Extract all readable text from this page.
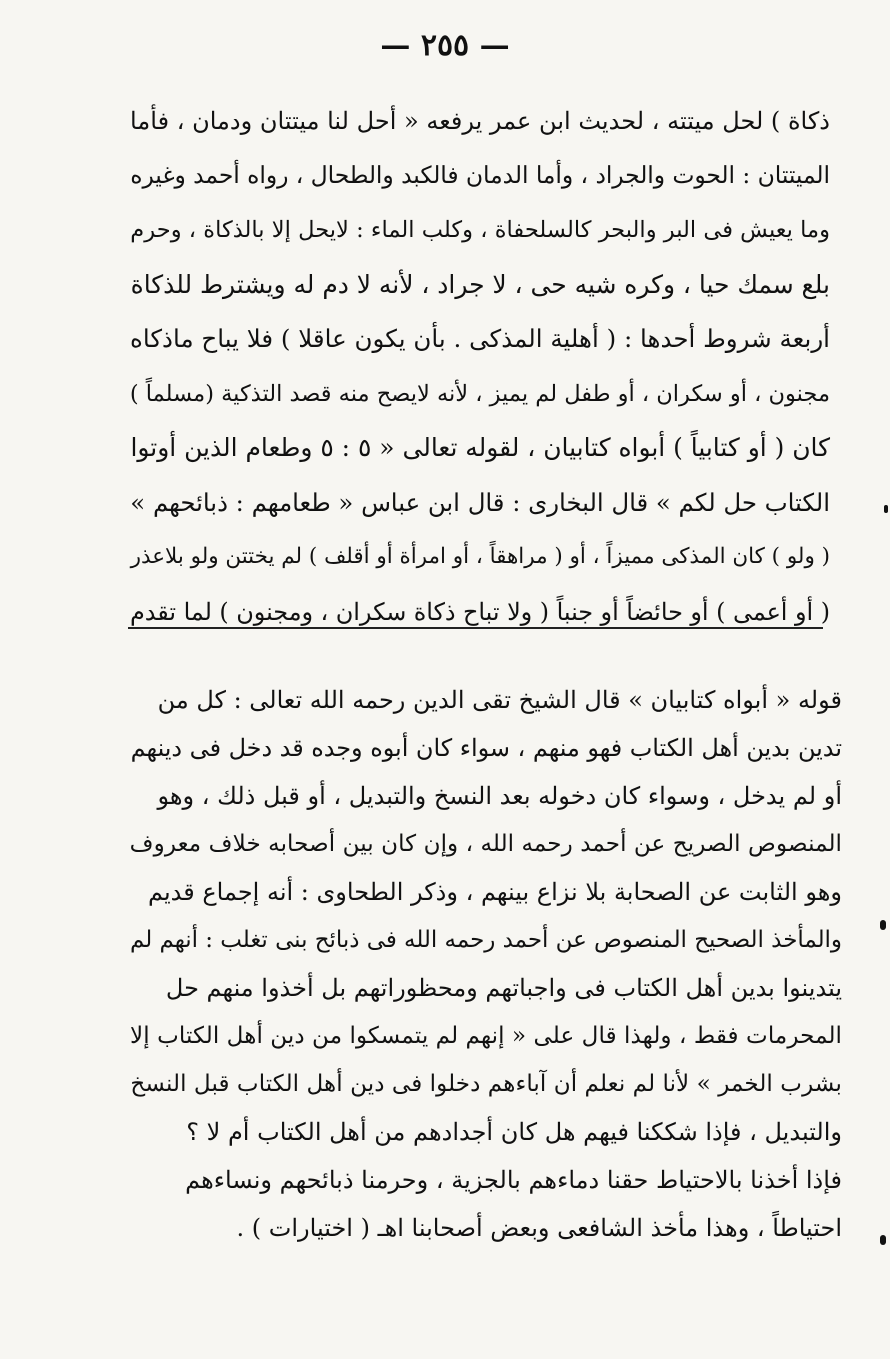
— ٢٥٥ —
ذكاة ) لحل ميتته ، لحديث ابن عمر يرفعه « أحل لنا ميتتان ودمان ، فأما
الميتتان : الحوت والجراد ، وأما الدمان فالكبد والطحال ، رواه أحمد وغيره
وما يعيش فى البر والبحر كالسلحفاة ، وكلب الماء : لايحل إلا بالذكاة ، وحرم
بلع سمك حيا ، وكره شيه حى ، لا جراد ، لأنه لا دم له ويشترط للذكاة
أربعة شروط أحدها : ( أهلية المذكى . بأن يكون عاقلا ) فلا يباح ماذكاه
مجنون ، أو سكران ، أو طفل لم يميز ، لأنه لايصح منه قصد التذكية (مسلماً )
كان ( أو كتابياً ) أبواه كتابيان ، لقوله تعالى « ٥ : ٥ وطعام الذين أوتوا
الكتاب حل لكم » قال البخارى : قال ابن عباس « طعامهم : ذبائحهم »
( ولو ) كان المذكى مميزاً ، أو ( مراهقاً ، أو امرأة أو أقلف ) لم يختتن ولو بلاعذر
( أو أعمى ) أو حائضاً أو جنباً ( ولا تباح ذكاة سكران ، ومجنون ) لما تقدم
قوله « أبواه كتابيان » قال الشيخ تقى الدين رحمه الله تعالى : كل من
تدين بدين أهل الكتاب فهو منهم ، سواء كان أبوه وجده قد دخل فى دينهم
أو لم يدخل ، وسواء كان دخوله بعد النسخ والتبديل ، أو قبل ذلك ، وهو
المنصوص الصريح عن أحمد رحمه الله ، وإن كان بين أصحابه خلاف معروف
وهو الثابت عن الصحابة بلا نزاع بينهم ، وذكر الطحاوى : أنه إجماع قديم
والمأخذ الصحيح المنصوص عن أحمد رحمه الله فى ذبائح بنى تغلب : أنهم لم
يتدينوا بدين أهل الكتاب فى واجباتهم ومحظوراتهم بل أخذوا منهم حل
المحرمات فقط ، ولهذا قال على « إنهم لم يتمسكوا من دين أهل الكتاب إلا
بشرب الخمر » لأنا لم نعلم أن آباءهم دخلوا فى دين أهل الكتاب قبل النسخ
والتبديل ، فإذا شككنا فيهم هل كان أجدادهم من أهل الكتاب أم لا ؟
فإذا أخذنا بالاحتياط حقنا دماءهم بالجزية ، وحرمنا ذبائحهم ونساءهم
احتياطاً ، وهذا مأخذ الشافعى وبعض أصحابنا اهـ ( اختيارات ) .
